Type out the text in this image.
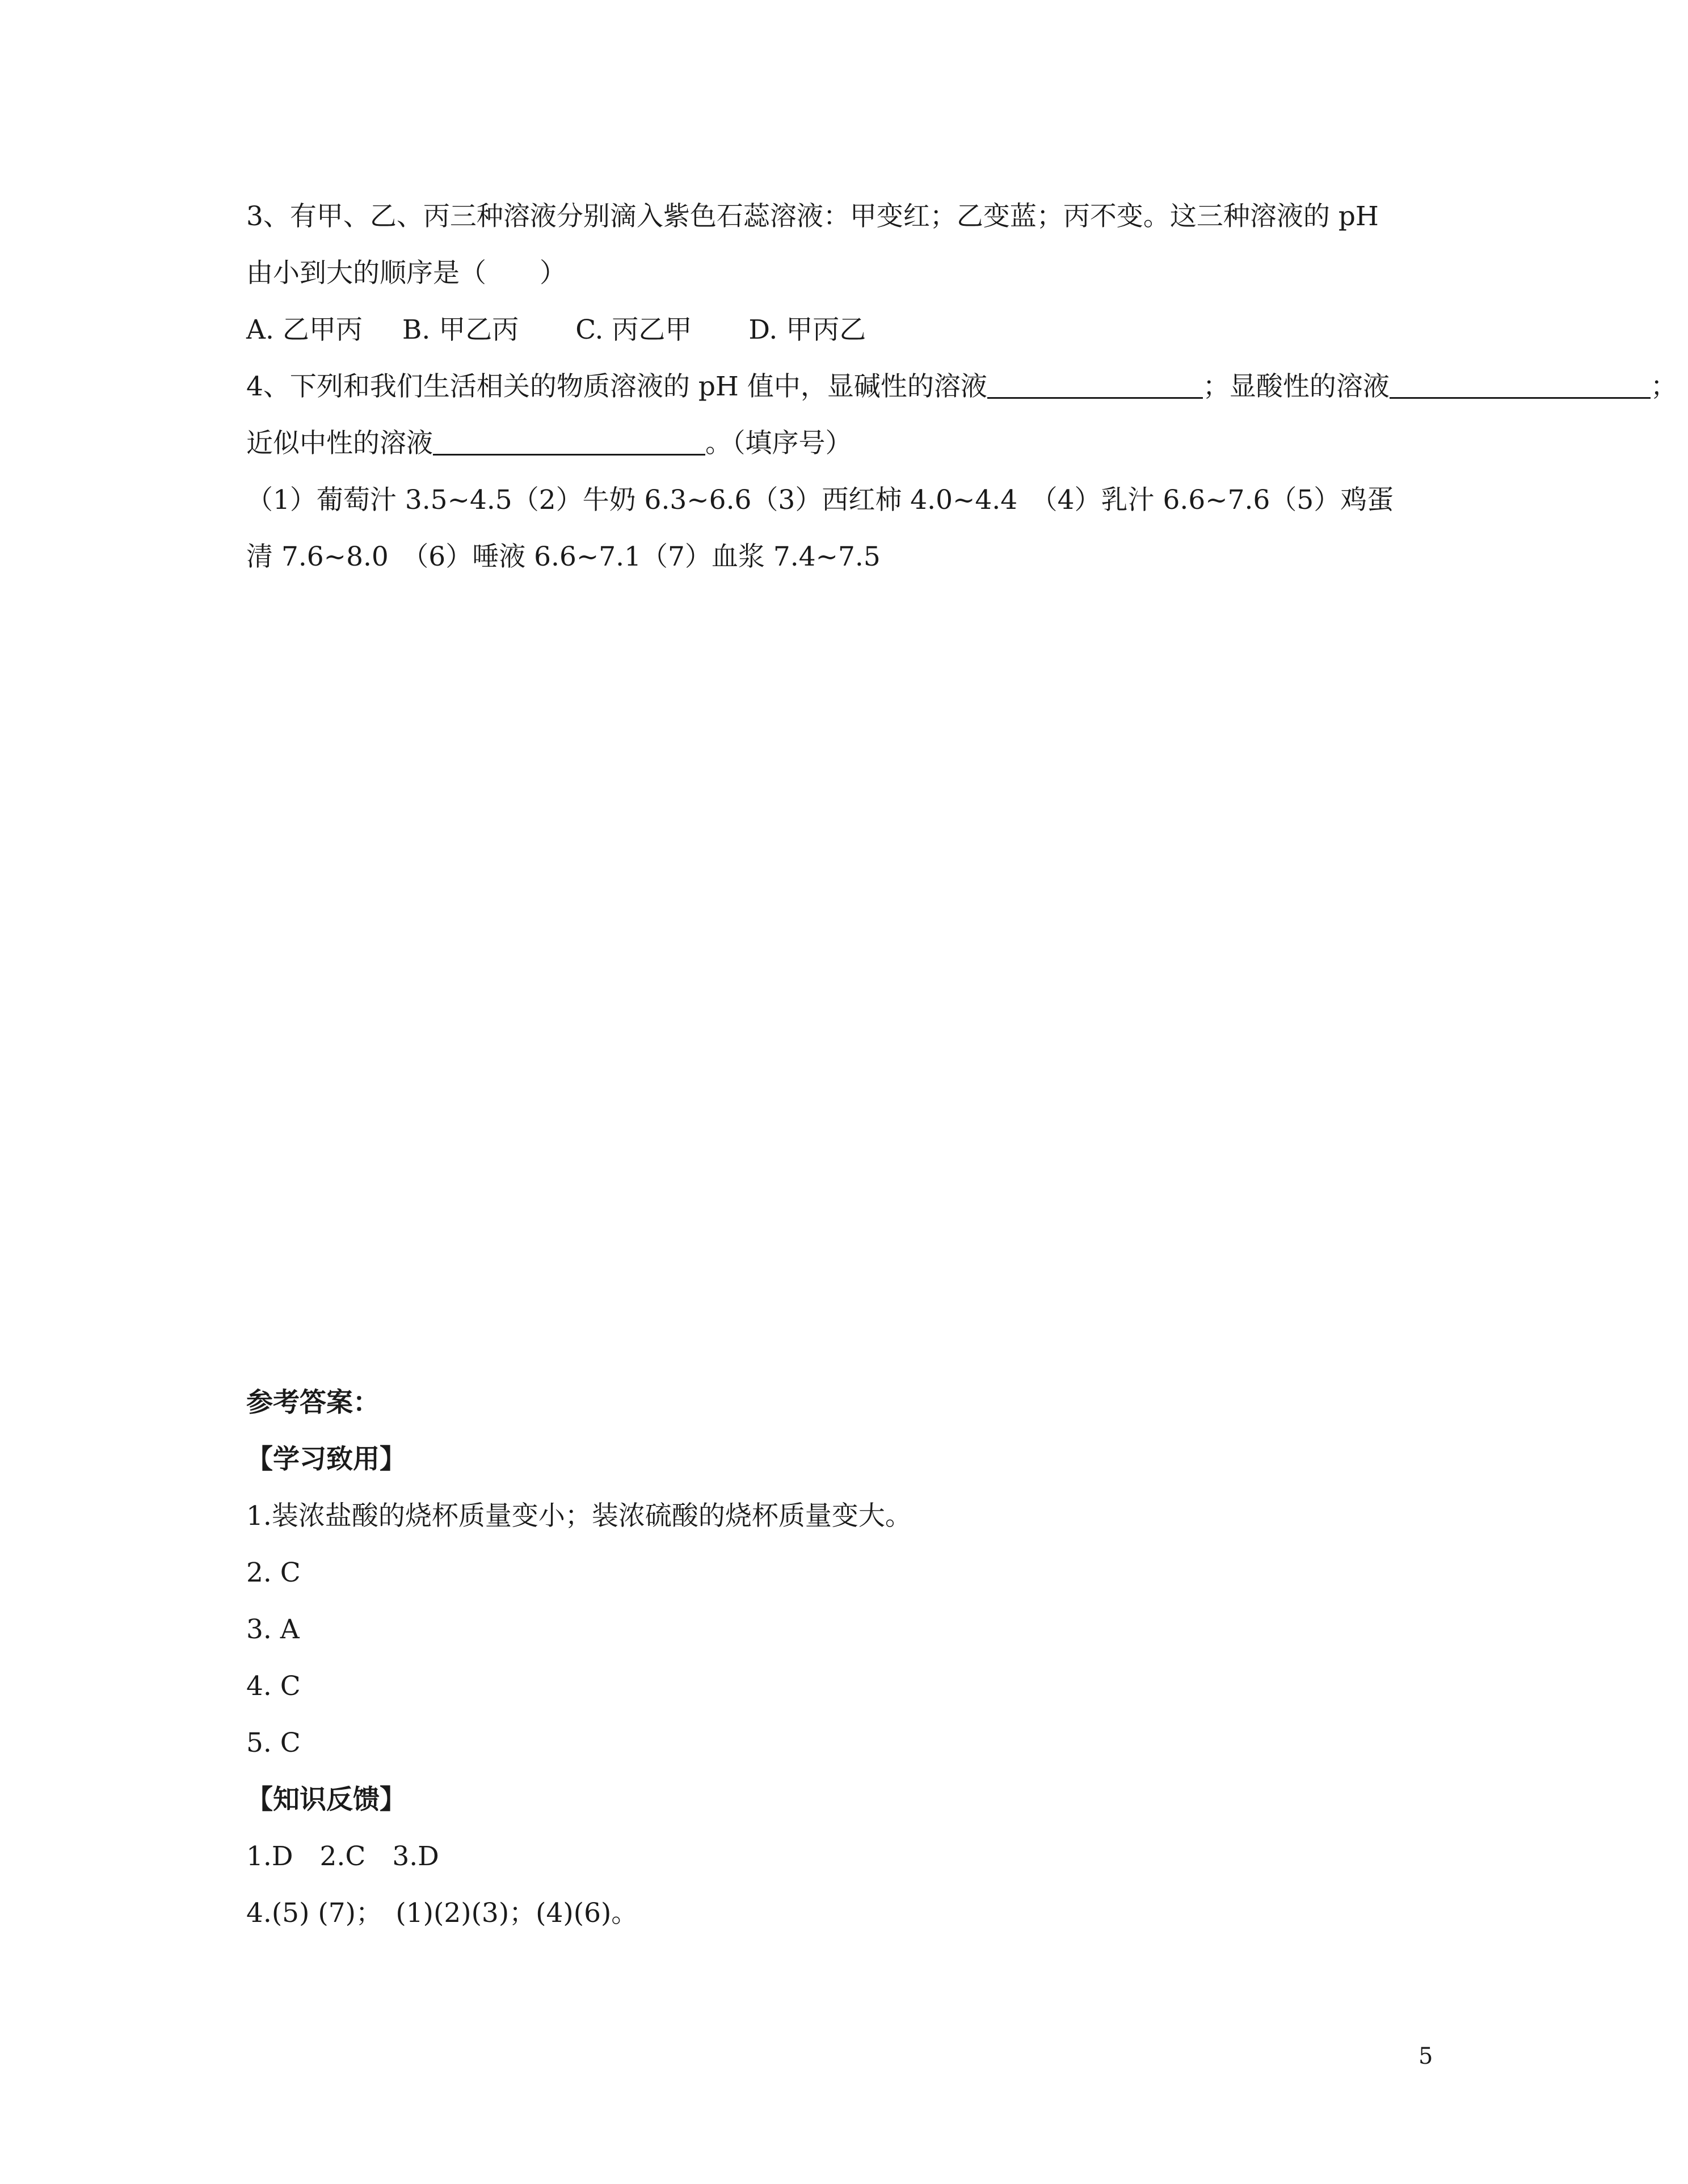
3、有甲、乙、丙三种溶液分别滴入紫色石蕊溶液：甲变红；乙变蓝；丙不变。这三种溶液的 pH
由小到大的顺序是（　　）
A. 乙甲丙 B. 甲乙丙 C. 丙乙甲 D. 甲丙乙
4、下列和我们生活相关的物质溶液的 pH 值中，显碱性的溶液	；显酸性的溶液	；
近似中性的溶液	。（填序号）
（1）葡萄汁 3.5~4.5（2）牛奶 6.3~6.6（3）西红柿 4.0~4.4　（4）乳汁 6.6~7.6（5）鸡蛋
清 7.6~8.0　（6）唾液 6.6~7.1（7）血浆 7.4~7.5
参考答案：
【学习致用】
1.装浓盐酸的烧杯质量变小；装浓硫酸的烧杯质量变大。
2. C
3. A
4. C
5. C
【知识反馈】
1.D　2.C　3.D
4.(5) (7)；　(1)(2)(3)；(4)(6)。
5
